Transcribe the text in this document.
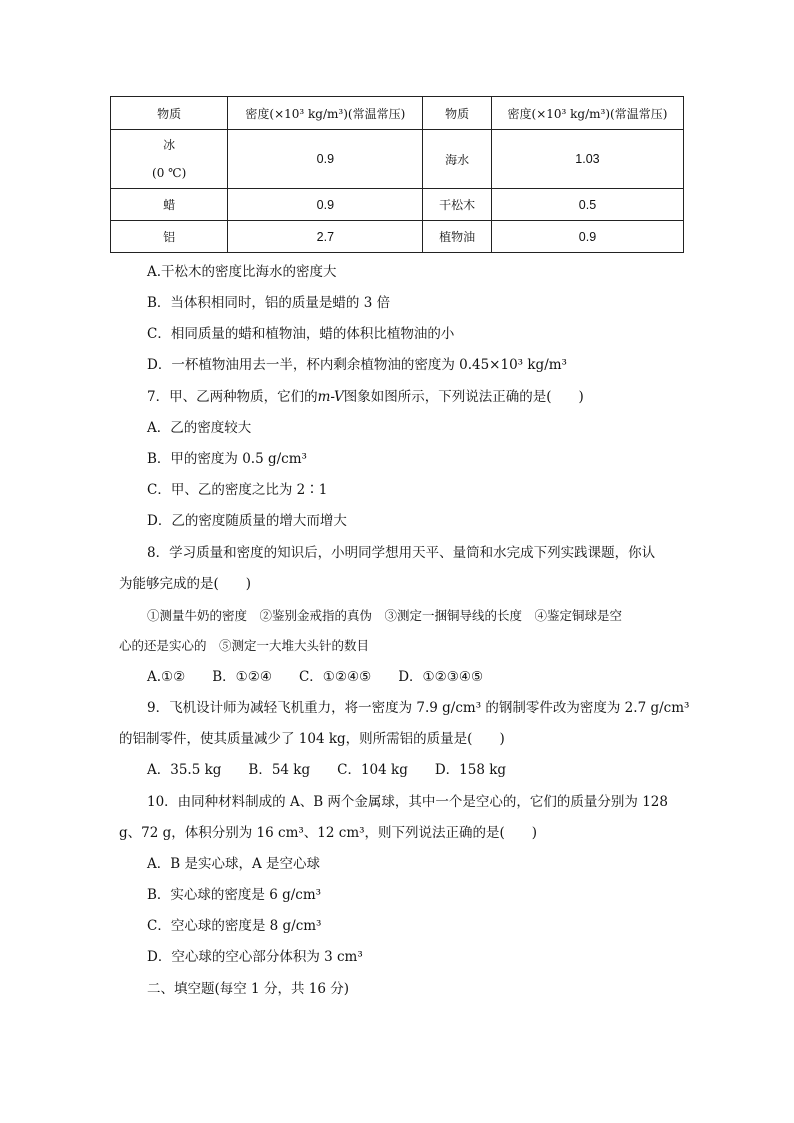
物质	密度(×10³ kg/m³)(常温常压)	物质	密度(×10³ kg/m³)(常温常压)

冰
(0 ℃)	0.9	海水	1.03
蜡	0.9	干松木	0.5
铝	2.7	植物油	0.9
A.干松木的密度比海水的密度大
B．当体积相同时，铝的质量是蜡的 3 倍
C．相同质量的蜡和植物油，蜡的体积比植物油的小
D．一杯植物油用去一半，杯内剩余植物油的密度为 0.45×10³ kg/m³
7．甲、乙两种物质，它们的m-V图象如图所示，下列说法正确的是(　　)
A．乙的密度较大
B．甲的密度为 0.5 g/cm³
C．甲、乙的密度之比为 2∶1
D．乙的密度随质量的增大而增大
8．学习质量和密度的知识后，小明同学想用天平、量筒和水完成下列实践课题，你认
为能够完成的是(　　)
①测量牛奶的密度　②鉴别金戒指的真伪　③测定一捆铜导线的长度　④鉴定铜球是空
心的还是实心的　⑤测定一大堆大头针的数目
A.①②　　B．①②④　　C．①②④⑤　　D．①②③④⑤
9．飞机设计师为减轻飞机重力，将一密度为 7.9 g/cm³ 的钢制零件改为密度为 2.7 g/cm³
的铝制零件，使其质量减少了 104 kg，则所需铝的质量是(　　)
A．35.5 kg　　B．54 kg　　C．104 kg　　D．158 kg
10．由同种材料制成的 A、B 两个金属球，其中一个是空心的，它们的质量分别为 128
g、72 g，体积分别为 16 cm³、12 cm³，则下列说法正确的是(　　)
A．B 是实心球，A 是空心球
B．实心球的密度是 6 g/cm³
C．空心球的密度是 8 g/cm³
D．空心球的空心部分体积为 3 cm³
二、填空题(每空 1 分，共 16 分)
